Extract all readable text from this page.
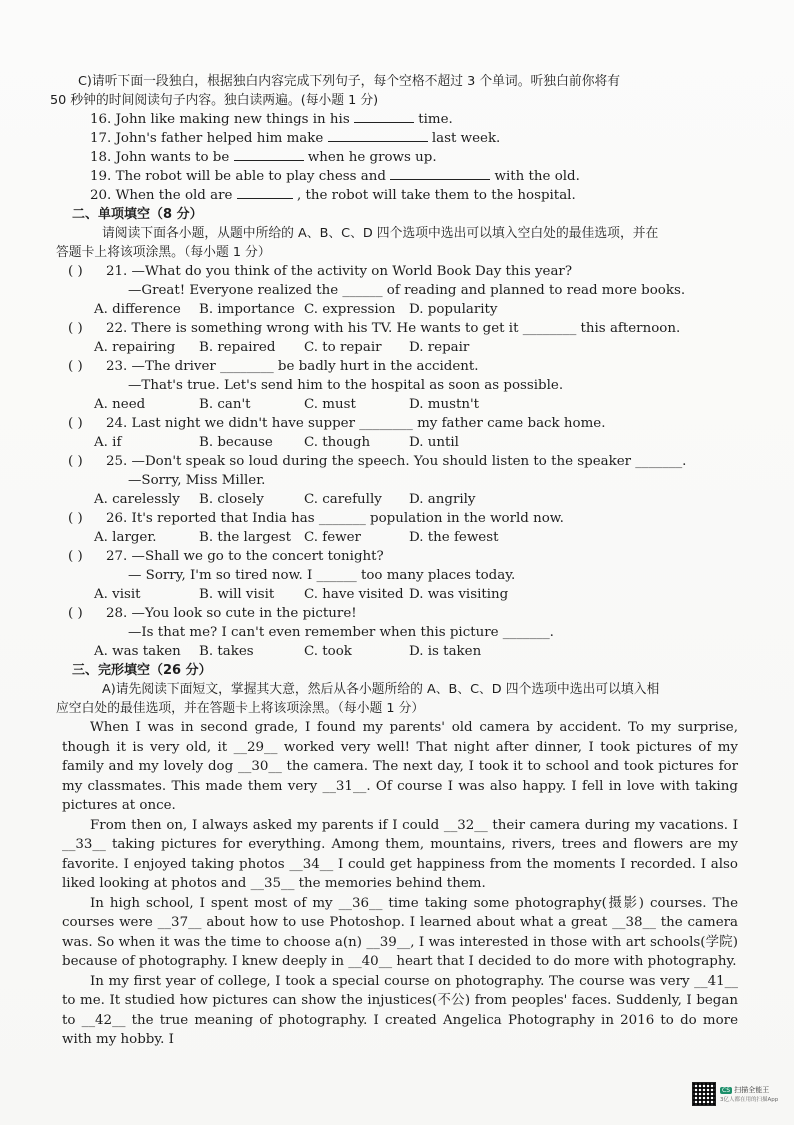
C)请听下面一段独白，根据独白内容完成下列句子，每个空格不超过 3 个单词。听独白前你将有
50 秒钟的时间阅读句子内容。独白读两遍。(每小题 1 分)
16. John like making new things in his	time.
17. John's father helped him make	last week.
18. John wants to be	when he grows up.
19. The robot will be able to play chess and	with the old.
20. When the old are	, the robot will take them to the hospital.
二、单项填空（8 分）
请阅读下面各小题，从题中所给的 A、B、C、D 四个选项中选出可以填入空白处的最佳选项，并在
答题卡上将该项涂黑。（每小题 1 分）
( ) 21. —What do you think of the activity on World Book Day this year?
—Great! Everyone realized the ______ of reading and planned to read more books.
A. difference	B. importance C. expression	D. popularity
( ) 22. There is something wrong with his TV. He wants to get it ________ this afternoon.
A. repairing	B. repaired	C. to repair	D. repair
( ) 23. —The driver ________ be badly hurt in the accident.
—That's true. Let's send him to the hospital as soon as possible.
A. need	B. can't	C. must	D. mustn't
( ) 24. Last night we didn't have supper ________ my father came back home.
A. if	B. because	C. though	D. until
( ) 25. —Don't speak so loud during the speech. You should listen to the speaker _______.
—Sorry, Miss Miller.
A. carelessly	B. closely	C. carefully	D. angrily
( ) 26. It's reported that India has _______ population in the world now.
A. larger.	B. the largest C. fewer	D. the fewest
( ) 27. —Shall we go to the concert tonight?
— Sorry, I'm so tired now. I ______ too many places today.
A. visit	B. will visit	C. have visited D. was visiting
( ) 28. —You look so cute in the picture!
—Is that me? I can't even remember when this picture _______.
A. was taken	B. takes	C. took	D. is taken
三、完形填空（26 分）
A)请先阅读下面短文，掌握其大意，然后从各小题所给的 A、B、C、D 四个选项中选出可以填入相
应空白处的最佳选项，并在答题卡上将该项涂黑。（每小题 1 分）

When I was in second grade, I found my parents' old camera by accident. To my surprise, though it is very old, it __29__ worked very well! That night after dinner, I took pictures of my family and my lovely dog __30__ the camera. The next day, I took it to school and took pictures for my classmates. This made them very __31__. Of course I was also happy. I fell in love with taking pictures at once.

From then on, I always asked my parents if I could __32__ their camera during my vacations. I __33__ taking pictures for everything. Among them, mountains, rivers, trees and flowers are my favorite. I enjoyed taking photos __34__ I could get happiness from the moments I recorded. I also liked looking at photos and __35__ the memories behind them.

In high school, I spent most of my __36__ time taking some photography(摄影) courses. The courses were __37__ about how to use Photoshop. I learned about what a great __38__ the camera was. So when it was the time to choose a(n) __39__, I was interested in those with art schools(学院) because of photography. I knew deeply in __40__ heart that I decided to do more with photography.

In my first year of college, I took a special course on photography. The course was very __41__ to me. It studied how pictures can show the injustices(不公) from peoples' faces. Suddenly, I began to __42__ the true meaning of photography. I created Angelica Photography in 2016 to do more with my hobby. I

CS 扫描全能王
3亿人都在用的扫描App
